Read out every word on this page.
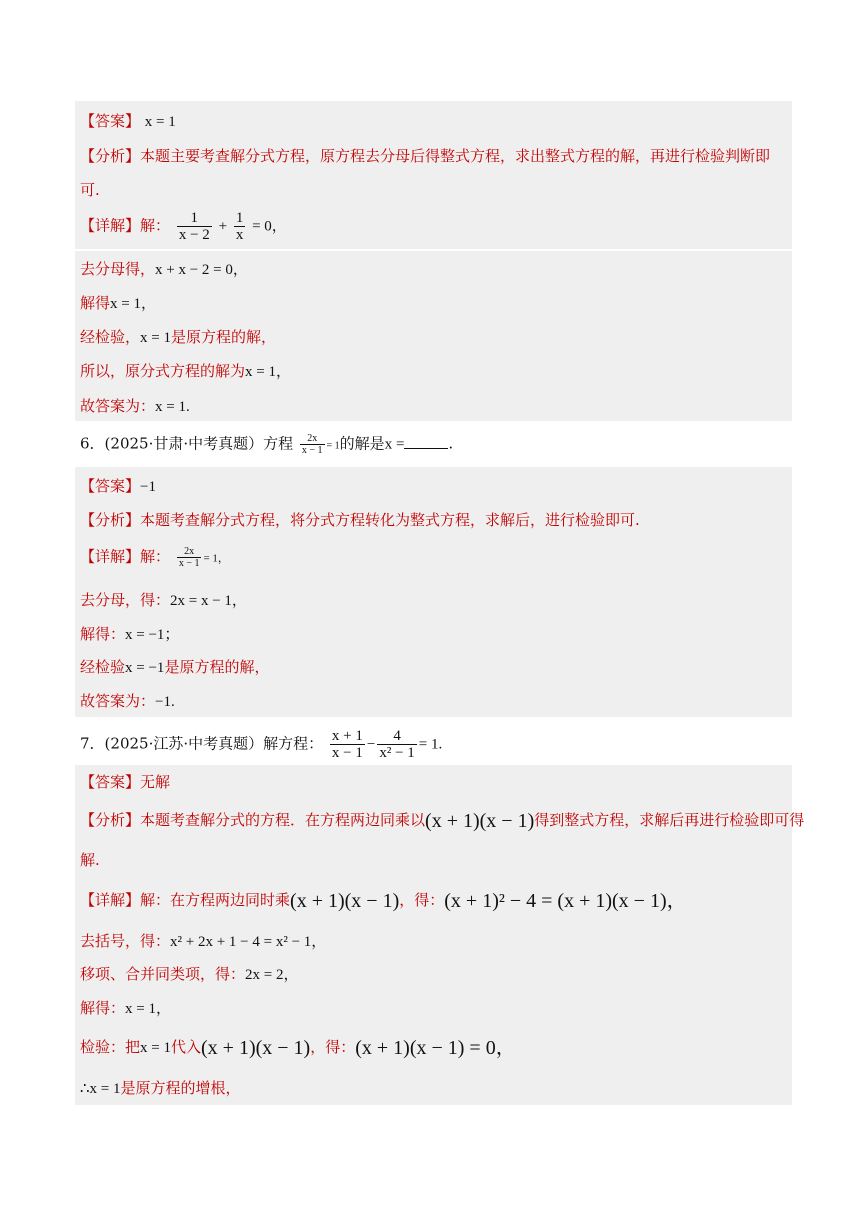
【答案】 x = 1
【分析】本题主要考查解分式方程，原方程去分母后得整式方程，求出整式方程的解，再进行检验判断即
可.
【详解】解： $\frac{1}{x - 2} + \frac{1}{x} = 0$，
去分母得，x + x − 2 = 0，
解得x = 1，
经检验，x = 1是原方程的解，
所以，原分式方程的解为x = 1，
故答案为：x = 1.
6．(2025·甘肃·中考真题）方程 $\frac{2x}{x - 1} = 1$的解是x =	.
【答案】−1
【分析】本题考查解分式方程，将分式方程转化为整式方程，求解后，进行检验即可.
【详解】解： $\frac{2x}{x - 1} = 1$，
去分母，得：2x = x − 1，
解得：x = −1；
经检验x = −1是原方程的解，
故答案为：−1.
7．(2025·江苏·中考真题）解方程： $\frac{x + 1}{x - 1} - \frac{4}{\text{x² − 1}} = 1$.
【答案】无解
【分析】本题考查解分式的方程．在方程两边同乘以(x + 1)(x − 1)得到整式方程，求解后再进行检验即可得
解.
【详解】解：在方程两边同时乘(x + 1)(x − 1)，得：(x + 1)² − 4 = (x + 1)(x − 1)，
去括号，得：x² + 2x + 1 − 4 = x² − 1，
移项、合并同类项，得：2x = 2，
解得：x = 1，
检验：把x = 1代入(x + 1)(x − 1)，得：(x + 1)(x − 1) = 0，
∴x = 1是原方程的增根，
